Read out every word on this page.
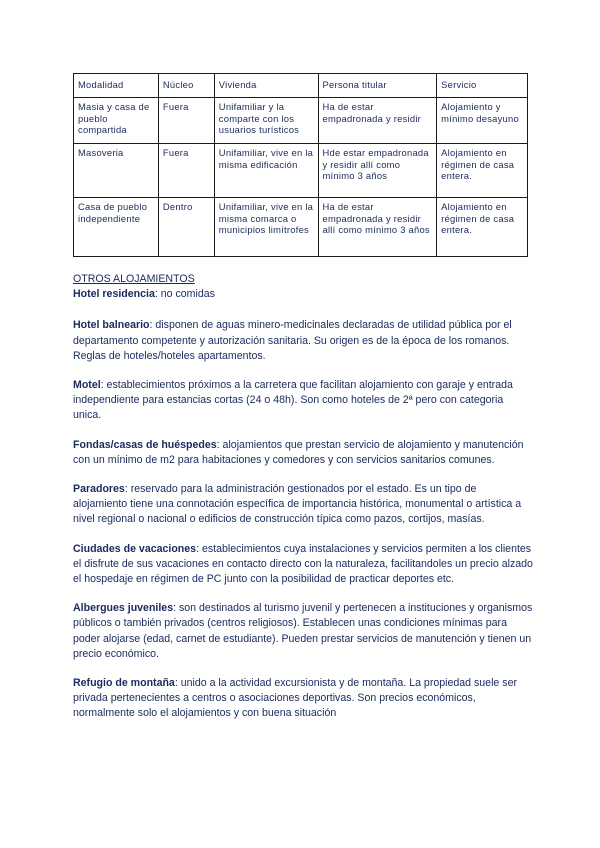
Modalidad	Núcleo	Vivienda	Persona titular	Servicio
Masia y casa de pueblo compartida	Fuera	Unifamiliar y la comparte con los usuarios turísticos	Ha de estar empadronada y residir	Alojamiento y mínimo desayuno
Masoveria	Fuera	Unifamiliar, vive en la misma edificación	Hde estar empadronada y residir allí como mínimo 3 años	Alojamiento en régimen de casa entera.
Casa de pueblo independiente	Dentro	Unifamiliar, vive en la misma comarca o municipios limítrofes	Ha de estar empadronada y residir allí como mínimo 3 años	Alojamiento en régimen de casa entera.
OTROS ALOJAMIENTOS

Hotel residencia: no comidas

Hotel balneario: disponen de aguas minero-medicinales declaradas de utilidad pública por el departamento competente y autorización sanitaria. Su origen es de la época de los romanos. Reglas de hoteles/hoteles apartamentos.

Motel: establecimientos próximos a la carretera que facilitan alojamiento con garaje y entrada independiente para estancias cortas (24 o 48h). Son como hoteles de 2ª pero con categoria unica.

Fondas/casas de huéspedes: alojamientos que prestan servicio de alojamiento y manutención con un mínimo de m2 para habitaciones y comedores y con servicios sanitarios comunes.

Paradores: reservado para la administración gestionados por el estado. Es un tipo de alojamiento tiene una connotación específica de importancia histórica, monumental o artística a nivel regional o nacional o edificios de construcción típica como pazos, cortijos, masías.

Ciudades de vacaciones: establecimientos cuya instalaciones y servicios permiten a los clientes el disfrute de sus vacaciones en contacto directo con la naturaleza, facilitandoles un precio alzado el hospedaje en régimen de PC junto con la posibilidad de practicar deportes etc.

Albergues juveniles: son destinados al turismo juvenil y pertenecen a instituciones y organismos públicos o también privados (centros religiosos). Establecen unas condiciones mínimas para poder alojarse (edad, carnet de estudiante). Pueden prestar servicios de manutención y tienen un precio económico.

Refugio de montaña: unido a la actividad excursionista y de montaña. La propiedad suele ser privada pertenecientes a centros o asociaciones deportivas. Son precios económicos, normalmente solo el alojamientos y con buena situación
